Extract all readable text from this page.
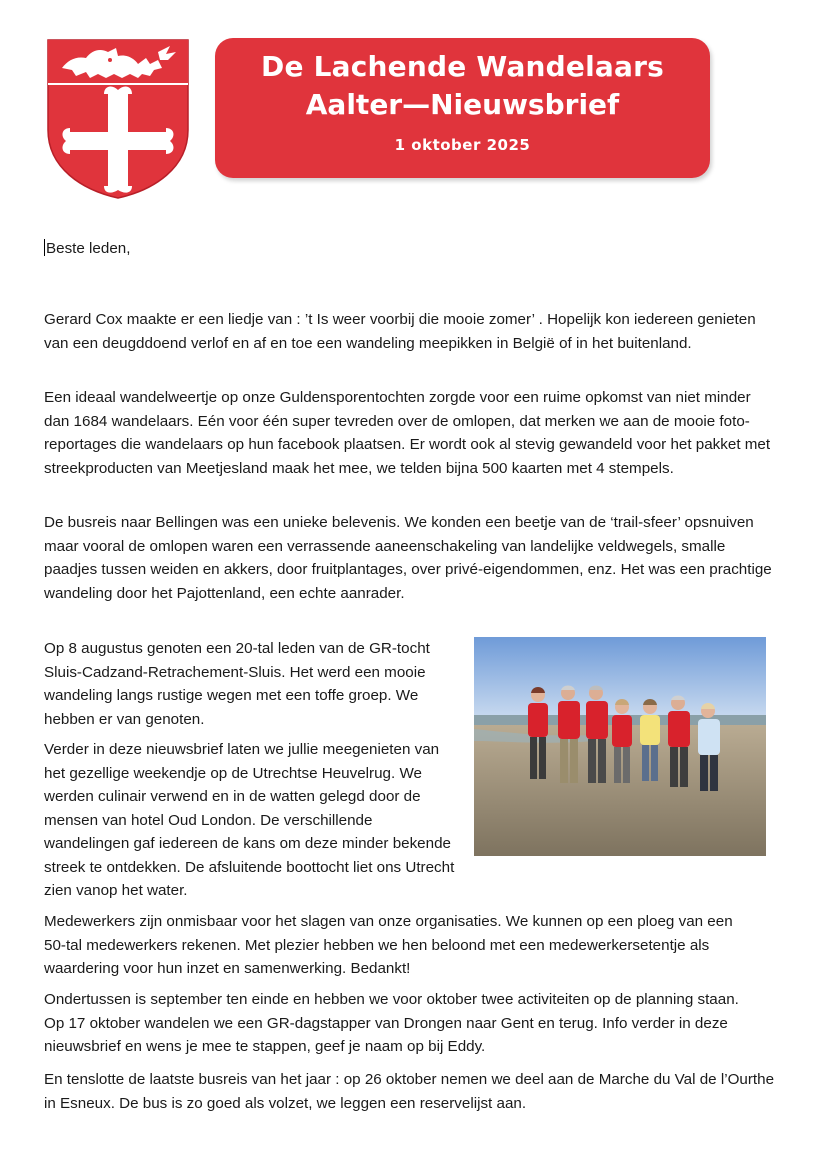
De Lachende Wandelaars
Aalter—Nieuwsbrief
1 oktober 2025
Beste leden,

Gerard Cox maakte er een liedje van : ’t Is weer voorbij die mooie zomer’ . Hopelijk kon iedereen genieten van een deugddoend verlof en af en toe een wandeling meepikken in België of in het buitenland.

Een ideaal wandelweertje op onze Guldensporentochten zorgde voor een ruime opkomst van niet minder dan 1684 wandelaars. Eén voor één super tevreden over de omlopen, dat merken we aan de mooie foto-reportages die wandelaars op hun facebook plaatsen. Er wordt ook al stevig gewandeld voor het pakket met streekproducten van Meetjesland maak het mee, we telden bijna 500 kaarten met 4 stempels.

De busreis naar Bellingen was een unieke belevenis. We konden een beetje van de ‘trail-sfeer’ opsnuiven maar vooral de omlopen waren een verrassende aaneenschakeling van landelijke veldwegels, smalle paadjes tussen weiden en akkers, door fruitplantages, over privé-eigendommen, enz. Het was een prachtige wandeling door het Pajottenland, een echte aanrader.

Op 8 augustus genoten een 20-tal leden van de GR-tocht Sluis-Cadzand-Retrachement-Sluis. Het werd een mooie wandeling langs rustige wegen met een toffe groep. We hebben er van genoten.

Verder in deze nieuwsbrief laten we jullie meegenieten van het gezellige weekendje op de Utrechtse Heuvelrug. We werden culinair verwend en in de watten gelegd door de mensen van hotel Oud London. De verschillende wandelingen gaf iedereen de kans om deze minder bekende streek te ontdekken. De afsluitende boottocht liet ons Utrecht zien vanop het water.

Medewerkers zijn onmisbaar voor het slagen van onze organisaties. We kunnen op een ploeg van een 50-tal medewerkers rekenen. Met plezier hebben we hen beloond met een medewerkersetentje als waardering voor hun inzet en samenwerking. Bedankt!

Ondertussen is september ten einde en hebben we voor oktober twee activiteiten op de planning staan. Op 17 oktober wandelen we een GR-dagstapper van Drongen naar Gent en terug. Info verder in deze nieuwsbrief en wens je mee te stappen, geef je naam op bij Eddy.

En tenslotte de laatste busreis van het jaar : op 26 oktober nemen we deel aan de Marche du Val de l’Ourthe in Esneux. De bus is zo goed als volzet, we leggen een reservelijst aan.
